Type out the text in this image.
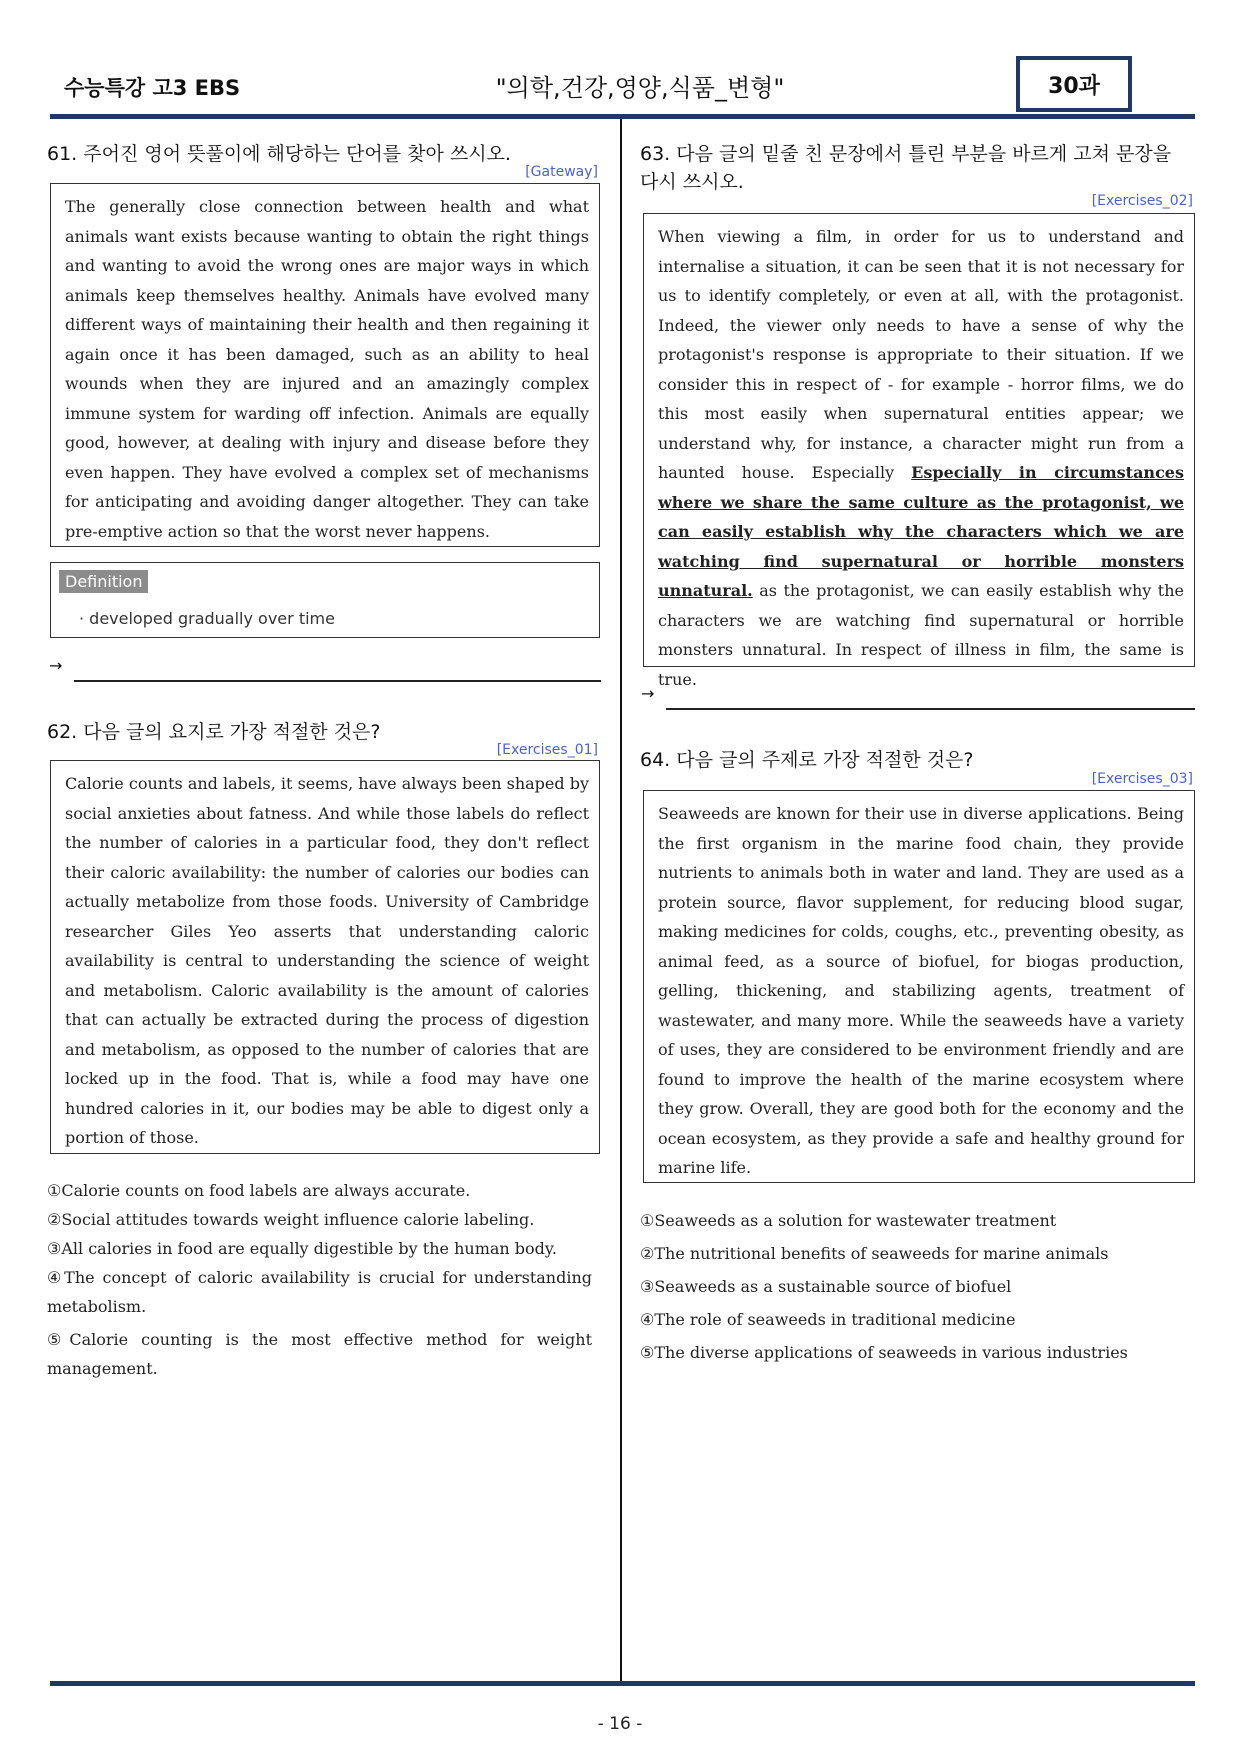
수능특강 고3 EBS	"의학,건강,영양,식품_변형"	30과
61. 주어진 영어 뜻풀이에 해당하는 단어를 찾아 쓰시오.
[Gateway]

The generally close connection between health and what animals want exists because wanting to obtain the right things and wanting to avoid the wrong ones are major ways in which animals keep themselves healthy. Animals have evolved many different ways of maintaining their health and then regaining it again once it has been damaged, such as an ability to heal wounds when they are injured and an amazingly complex immune system for warding off infection. Animals are equally good, however, at dealing with injury and disease before they even happen. They have evolved a complex set of mechanisms for anticipating and avoiding danger altogether. They can take pre-emptive action so that the worst never happens.

Definition
· developed gradually over time
→
62. 다음 글의 요지로 가장 적절한 것은?
[Exercises_01]

Calorie counts and labels, it seems, have always been shaped by social anxieties about fatness. And while those labels do reflect the number of calories in a particular food, they don't reflect their caloric availability: the number of calories our bodies can actually metabolize from those foods. University of Cambridge researcher Giles Yeo asserts that understanding caloric availability is central to understanding the science of weight and metabolism. Caloric availability is the amount of calories that can actually be extracted during the process of digestion and metabolism, as opposed to the number of calories that are locked up in the food. That is, while a food may have one hundred calories in it, our bodies may be able to digest only a portion of those.

①Calorie counts on food labels are always accurate.
②Social attitudes towards weight influence calorie labeling.
③All calories in food are equally digestible by the human body.
④The concept of caloric availability is crucial for understanding metabolism.
⑤Calorie counting is the most effective method for weight management.
63. 다음 글의 밑줄 친 문장에서 틀린 부분을 바르게 고쳐 문장을 다시 쓰시오.
[Exercises_02]

When viewing a film, in order for us to understand and internalise a situation, it can be seen that it is not necessary for us to identify completely, or even at all, with the protagonist. Indeed, the viewer only needs to have a sense of why the protagonist's response is appropriate to their situation. If we consider this in respect of - for example - horror films, we do this most easily when supernatural entities appear; we understand why, for instance, a character might run from a haunted house. Especially Especially in circumstances where we share the same culture as the protagonist, we can easily establish why the characters which we are watching find supernatural or horrible monsters unnatural. as the protagonist, we can easily establish why the characters we are watching find supernatural or horrible monsters unnatural. In respect of illness in film, the same is true.

→
64. 다음 글의 주제로 가장 적절한 것은?
[Exercises_03]

Seaweeds are known for their use in diverse applications. Being the first organism in the marine food chain, they provide nutrients to animals both in water and land. They are used as a protein source, flavor supplement, for reducing blood sugar, making medicines for colds, coughs, etc., preventing obesity, as animal feed, as a source of biofuel, for biogas production, gelling, thickening, and stabilizing agents, treatment of wastewater, and many more. While the seaweeds have a variety of uses, they are considered to be environment friendly and are found to improve the health of the marine ecosystem where they grow. Overall, they are good both for the economy and the ocean ecosystem, as they provide a safe and healthy ground for marine life.

①Seaweeds as a solution for wastewater treatment
②The nutritional benefits of seaweeds for marine animals
③Seaweeds as a sustainable source of biofuel
④The role of seaweeds in traditional medicine
⑤The diverse applications of seaweeds in various industries
- 16 -
